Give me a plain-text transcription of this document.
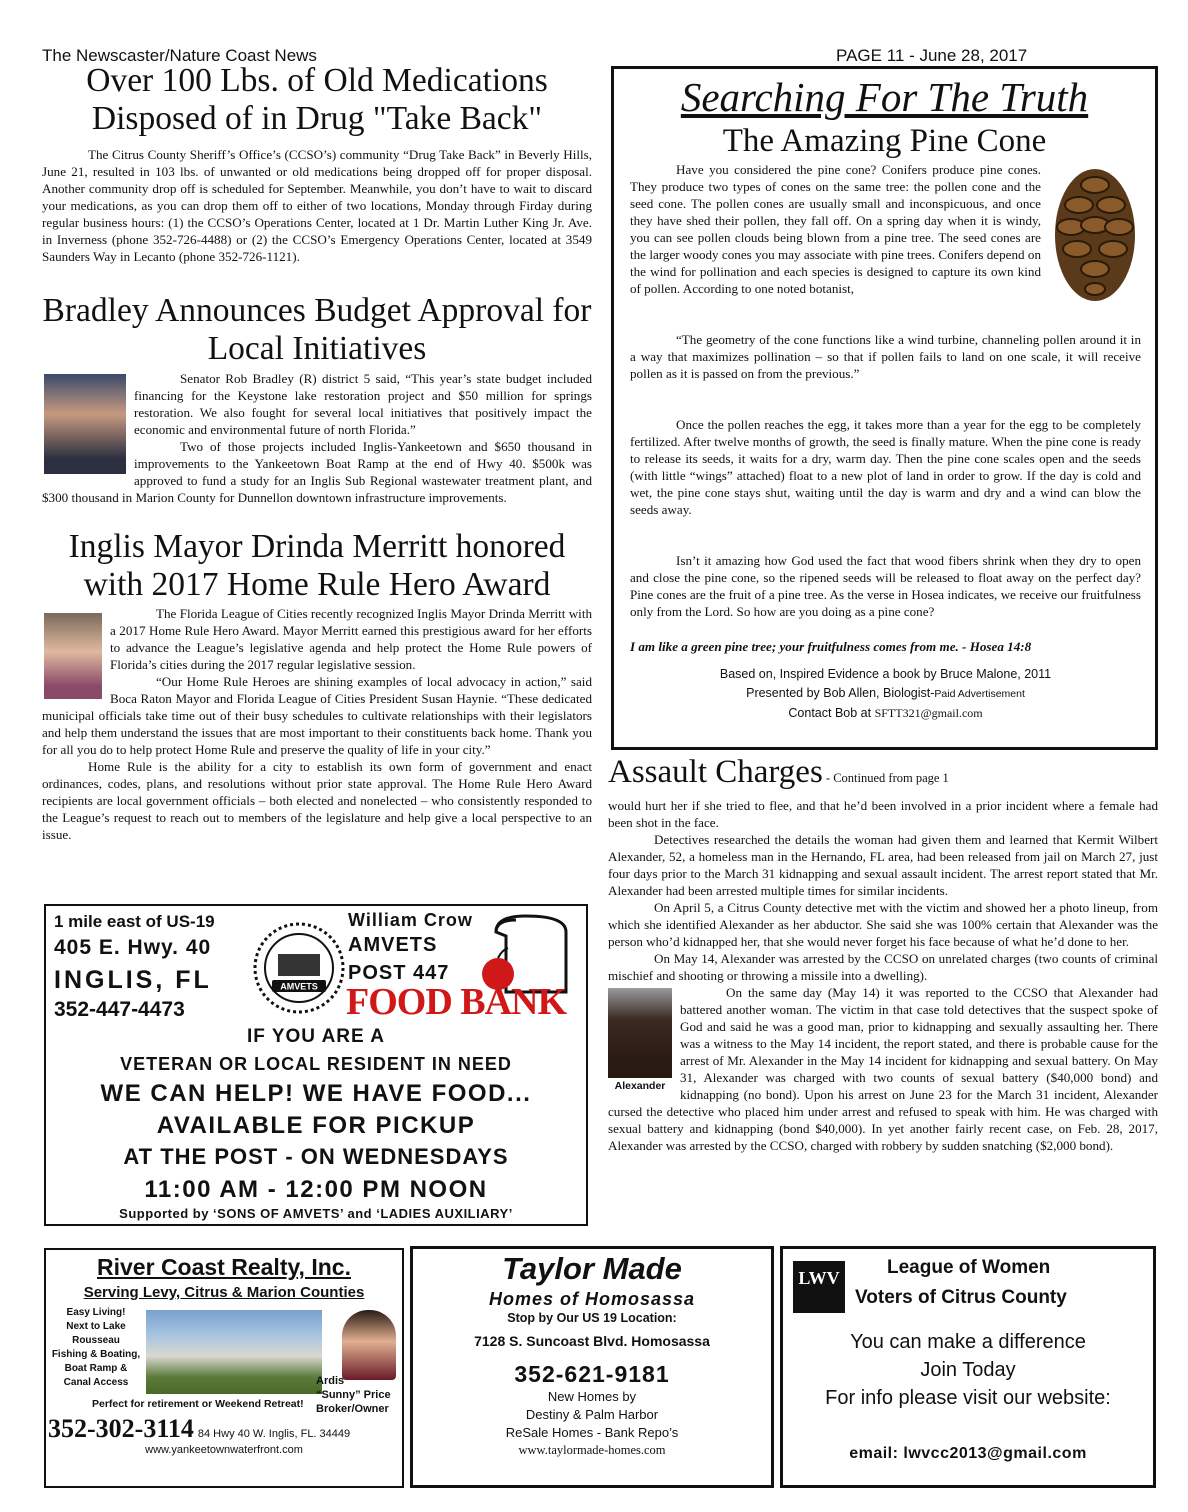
The Newscaster/Nature Coast News	PAGE 11 - June 28, 2017
Over 100 Lbs. of Old Medications Disposed of in Drug "Take Back"

The Citrus County Sheriff’s Office’s (CCSO’s) community “Drug Take Back” in Beverly Hills, June 21, resulted in 103 lbs. of unwanted or old medications being dropped off for proper disposal. Another community drop off is scheduled for September. Meanwhile, you don’t have to wait to discard your medications, as you can drop them off to either of two locations, Monday through Firday during regular business hours: (1) the CCSO’s Operations Center, located at 1 Dr. Martin Luther King Jr. Ave. in Inverness (phone 352-726-4488) or (2) the CCSO’s Emergency Operations Center, located at 3549 Saunders Way in Lecanto (phone 352-726-1121).

Bradley Announces Budget Approval for Local Initiatives

Senator Rob Bradley (R) district 5 said, “This year’s state budget included financing for the Keystone lake restoration project and $50 million for springs restoration. We also fought for several local initiatives that positively impact the economic and environmental future of north Florida.”

Two of those projects included Inglis-Yankeetown and $650 thousand in improvements to the Yankeetown Boat Ramp at the end of Hwy 40. $500k was approved to fund a study for an Inglis Sub Regional wastewater treatment plant, and $300 thousand in Marion County for Dunnellon downtown infrastructure improvements.

Inglis Mayor Drinda Merritt honored with 2017 Home Rule Hero Award

The Florida League of Cities recently recognized Inglis Mayor Drinda Merritt with a 2017 Home Rule Hero Award. Mayor Merritt earned this prestigious award for her efforts to advance the League’s legislative agenda and help protect the Home Rule powers of Florida’s cities during the 2017 regular legislative session.

“Our Home Rule Heroes are shining examples of local advocacy in action,” said Boca Raton Mayor and Florida League of Cities President Susan Haynie. “These dedicated municipal officials take time out of their busy schedules to cultivate relationships with their legislators and help them understand the issues that are most important to their constituents back home. Thank you for all you do to help protect Home Rule and preserve the quality of life in your city.”

Home Rule is the ability for a city to establish its own form of government and enact ordinances, codes, plans, and resolutions without prior state approval. The Home Rule Hero Award recipients are local government officials – both elected and nonelected – who consistently responded to the League’s request to reach out to members of the legislature and help give a local perspective to an issue.

Searching For The Truth
The Amazing Pine Cone

Have you considered the pine cone? Conifers produce pine cones. They produce two types of cones on the same tree: the pollen cone and the seed cone. The pollen cones are usually small and inconspicuous, and once they have shed their pollen, they fall off. On a spring day when it is windy, you can see pollen clouds being blown from a pine tree. The seed cones are the larger woody cones you may associate with pine trees. Conifers depend on the wind for pollination and each species is designed to capture its own kind of pollen. According to one noted botanist,

“The geometry of the cone functions like a wind turbine, channeling pollen around it in a way that maximizes pollination – so that if pollen fails to land on one scale, it will receive pollen as it is passed on from the previous.”

Once the pollen reaches the egg, it takes more than a year for the egg to be completely fertilized. After twelve months of growth, the seed is finally mature. When the pine cone is ready to release its seeds, it waits for a dry, warm day. Then the pine cone scales open and the seeds (with little “wings” attached) float to a new plot of land in order to grow. If the day is cold and wet, the pine cone stays shut, waiting until the day is warm and dry and a wind can blow the seeds away.

Isn’t it amazing how God used the fact that wood fibers shrink when they dry to open and close the pine cone, so the ripened seeds will be released to float away on the perfect day? Pine cones are the fruit of a pine tree. As the verse in Hosea indicates, we receive our fruitfulness only from the Lord. So how are you doing as a pine cone?

I am like a green pine tree; your fruitfulness comes from me. - Hosea 14:8

Based on, Inspired Evidence a book by Bruce Malone, 2011
Presented by Bob Allen, Biologist-Paid Advertisement
Contact Bob at SFTT321@gmail.com
Assault Charges - Continued from page 1

would hurt her if she tried to flee, and that he’d been involved in a prior incident where a female had been shot in the face.

Detectives researched the details the woman had given them and learned that Kermit Wilbert Alexander, 52, a homeless man in the Hernando, FL area, had been released from jail on March 27, just four days prior to the March 31 kidnapping and sexual assault incident. The arrest report stated that Mr. Alexander had been arrested multiple times for similar incidents.

On April 5, a Citrus County detective met with the victim and showed her a photo lineup, from which she identified Alexander as her abductor. She said she was 100% certain that Alexander was the person who’d kidnapped her, that she would never forget his face because of what he’d done to her.

On May 14, Alexander was arrested by the CCSO on unrelated charges (two counts of criminal mischief and shooting or throwing a missile into a dwelling).

Alexander

On the same day (May 14) it was reported to the CCSO that Alexander had battered another woman. The victim in that case told detectives that the suspect spoke of God and said he was a good man, prior to kidnapping and sexually assaulting her. There was a witness to the May 14 incident, the report stated, and there is probable cause for the arrest of Mr. Alexander in the May 14 incident for kidnapping and sexual battery. On May 31, Alexander was charged with two counts of sexual battery ($40,000 bond) and kidnapping (no bond). Upon his arrest on June 23 for the March 31 incident, Alexander cursed the detective who placed him under arrest and refused to speak with him. He was charged with sexual battery and kidnapping (bond $40,000). In yet another fairly recent case, on Feb. 28, 2017, Alexander was arrested by the CCSO, charged with robbery by sudden snatching ($2,000 bond).

1 mile east of US-19
405 E. Hwy. 40
INGLIS, FL
352-447-4473
AMVETS
William Crow
AMVETS
POST 447
FOOD BANK
IF YOU ARE A
VETERAN OR LOCAL RESIDENT IN NEED
WE CAN HELP! WE HAVE FOOD...
AVAILABLE FOR PICKUP
AT THE POST - ON WEDNESDAYS
11:00 AM - 12:00 PM NOON
Supported by ‘SONS OF AMVETS’ and ‘LADIES AUXILIARY’
River Coast Realty, Inc.
Serving Levy, Citrus & Marion Counties
Easy Living!
Next to Lake
Rousseau
Fishing & Boating,
Boat Ramp &
Canal Access	Ardis
“Sunny” Price
Broker/Owner
Perfect for retirement or Weekend Retreat!
352-302-3114 84 Hwy 40 W. Inglis, FL. 34449
www.yankeetownwaterfront.com
Taylor Made
Homes of Homosassa
Stop by Our US 19 Location:
7128 S. Suncoast Blvd. Homosassa
352-621-9181
New Homes by
Destiny & Palm Harbor
ReSale Homes - Bank Repo’s
www.taylormade-homes.com
LWV League of Women
Voters of Citrus County
You can make a difference
Join Today
For info please visit our website:
email: lwvcc2013@gmail.com
